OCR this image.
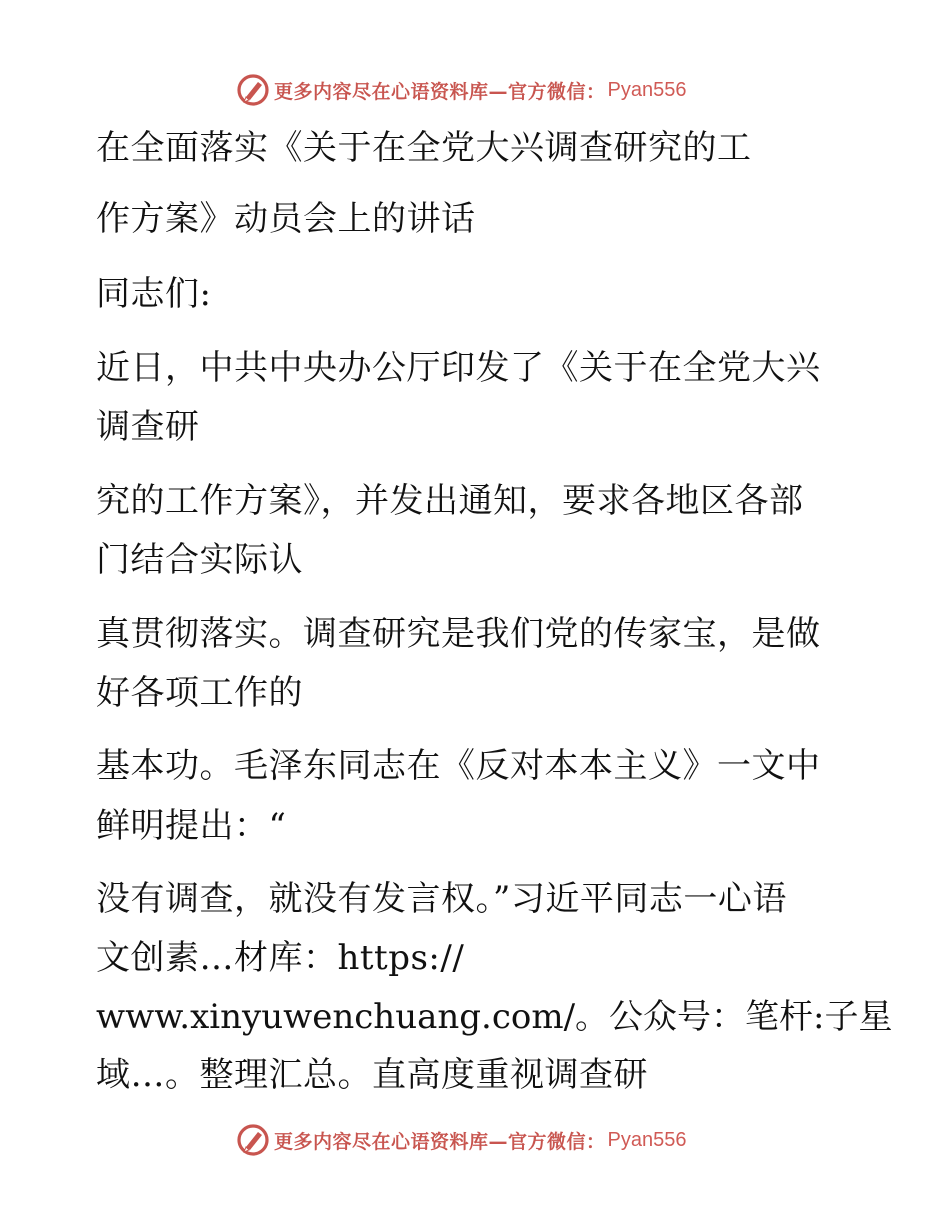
更多内容尽在心语资料库—官方微信： Pyan556
在全面落实《关于在全党大兴调查研究的工
作方案》动员会上的讲话
同志们:
近日，中共中央办公厅印发了《关于在全党大兴
调查研
究的工作方案》，并发出通知，要求各地区各部
门结合实际认
真贯彻落实。调查研究是我们党的传家宝，是做
好各项工作的
基本功。毛泽东同志在《反对本本主义》一文中
鲜明提出：“
没有调查，就没有发言权。”习近平同志一心语
文创素…材库：https://
www.xinyuwenchuang.com/。公众号：笔杆:子星
域…。整理汇总。直高度重视调查研
更多内容尽在心语资料库—官方微信： Pyan556
